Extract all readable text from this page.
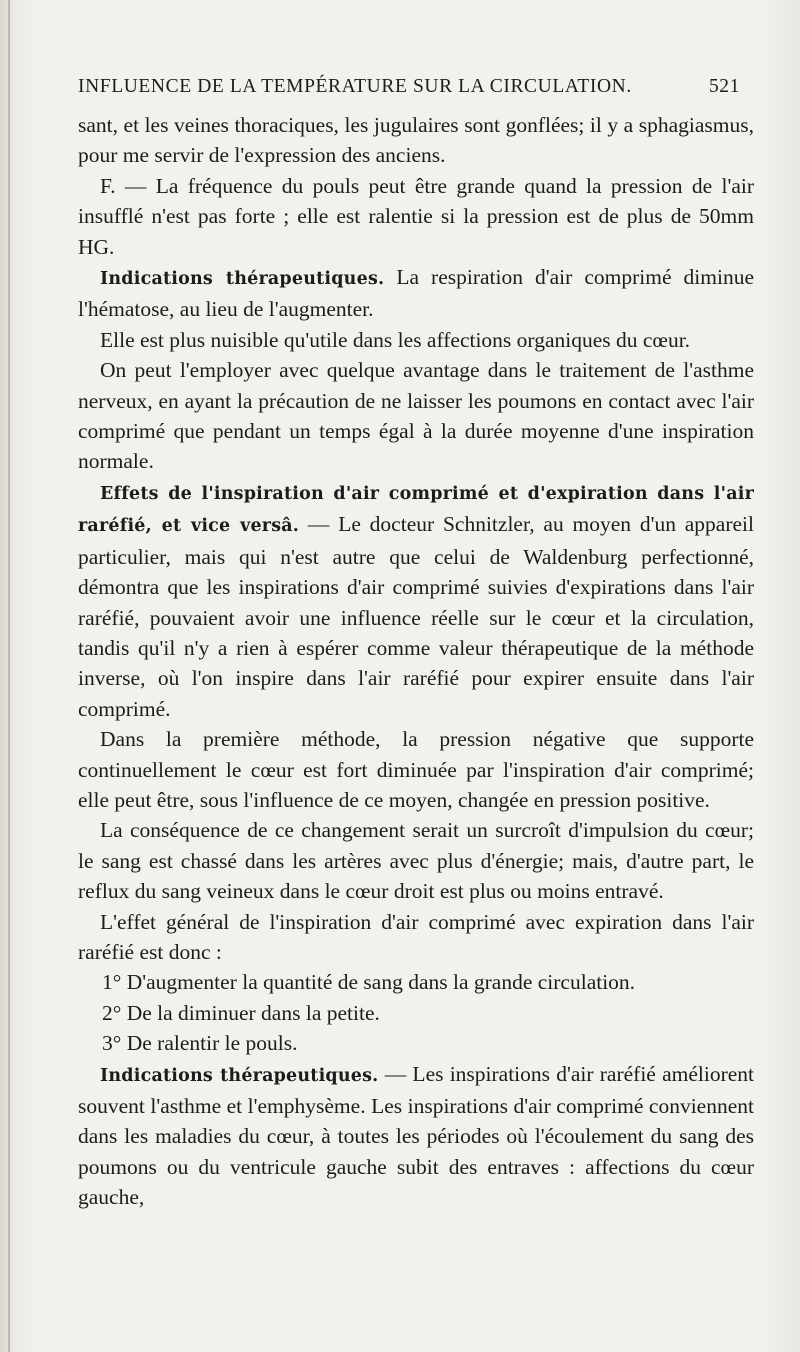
INFLUENCE DE LA TEMPÉRATURE SUR LA CIRCULATION.	521

sant, et les veines thoraciques, les jugulaires sont gonflées; il y a sphagiasmus, pour me servir de l'expression des anciens.

F. — La fréquence du pouls peut être grande quand la pression de l'air insufflé n'est pas forte ; elle est ralentie si la pression est de plus de 50mm HG.

Indications thérapeutiques. La respiration d'air comprimé diminue l'hématose, au lieu de l'augmenter.

Elle est plus nuisible qu'utile dans les affections organiques du cœur.

On peut l'employer avec quelque avantage dans le traitement de l'asthme nerveux, en ayant la précaution de ne laisser les poumons en contact avec l'air comprimé que pendant un temps égal à la durée moyenne d'une inspiration normale.

Effets de l'inspiration d'air comprimé et d'expiration dans l'air raréfié, et vice versâ. — Le docteur Schnitzler, au moyen d'un appareil particulier, mais qui n'est autre que celui de Waldenburg perfectionné, démontra que les inspirations d'air comprimé suivies d'expirations dans l'air raréfié, pouvaient avoir une influence réelle sur le cœur et la circulation, tandis qu'il n'y a rien à espérer comme valeur thérapeutique de la méthode inverse, où l'on inspire dans l'air raréfié pour expirer ensuite dans l'air comprimé.

Dans la première méthode, la pression négative que supporte continuellement le cœur est fort diminuée par l'inspiration d'air comprimé; elle peut être, sous l'influence de ce moyen, changée en pression positive.

La conséquence de ce changement serait un surcroît d'impulsion du cœur; le sang est chassé dans les artères avec plus d'énergie; mais, d'autre part, le reflux du sang veineux dans le cœur droit est plus ou moins entravé.

L'effet général de l'inspiration d'air comprimé avec expiration dans l'air raréfié est donc :

1° D'augmenter la quantité de sang dans la grande circulation.

2° De la diminuer dans la petite.

3° De ralentir le pouls.

Indications thérapeutiques. — Les inspirations d'air raréfié améliorent souvent l'asthme et l'emphysème. Les inspirations d'air comprimé conviennent dans les maladies du cœur, à toutes les périodes où l'écoulement du sang des poumons ou du ventricule gauche subit des entraves : affections du cœur gauche,
